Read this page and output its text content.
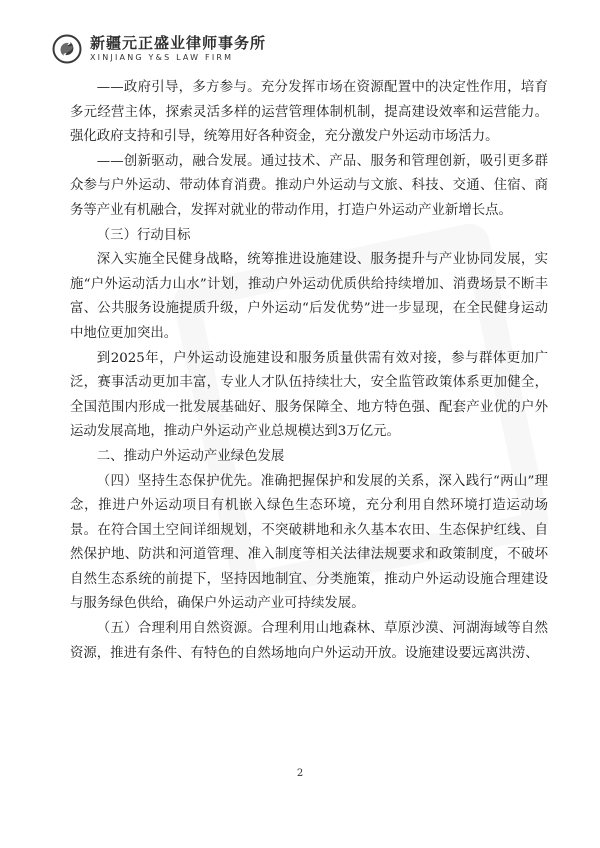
新疆元正盛业律师事务所
XINJIANG Y&S LAW FIRM

——政府引导，多方参与。充分发挥市场在资源配置中的决定性作用，培育多元经营主体，探索灵活多样的运营管理体制机制，提高建设效率和运营能力。强化政府支持和引导，统筹用好各种资金，充分激发户外运动市场活力。

——创新驱动，融合发展。通过技术、产品、服务和管理创新，吸引更多群众参与户外运动、带动体育消费。推动户外运动与文旅、科技、交通、住宿、商务等产业有机融合，发挥对就业的带动作用，打造户外运动产业新增长点。

（三）行动目标

深入实施全民健身战略，统筹推进设施建设、服务提升与产业协同发展，实施“户外运动活力山水”计划，推动户外运动优质供给持续增加、消费场景不断丰富、公共服务设施提质升级，户外运动“后发优势”进一步显现，在全民健身运动中地位更加突出。

到2025年，户外运动设施建设和服务质量供需有效对接，参与群体更加广泛，赛事活动更加丰富，专业人才队伍持续壮大，安全监管政策体系更加健全，全国范围内形成一批发展基础好、服务保障全、地方特色强、配套产业优的户外运动发展高地，推动户外运动产业总规模达到3万亿元。

二、推动户外运动产业绿色发展

（四）坚持生态保护优先。准确把握保护和发展的关系，深入践行“两山”理念，推进户外运动项目有机嵌入绿色生态环境，充分利用自然环境打造运动场景。在符合国土空间详细规划，不突破耕地和永久基本农田、生态保护红线、自然保护地、防洪和河道管理、准入制度等相关法律法规要求和政策制度，不破坏自然生态系统的前提下，坚持因地制宜、分类施策，推动户外运动设施合理建设与服务绿色供给，确保户外运动产业可持续发展。

（五）合理利用自然资源。合理利用山地森林、草原沙漠、河湖海域等自然资源，推进有条件、有特色的自然场地向户外运动开放。设施建设要远离洪涝、

2
